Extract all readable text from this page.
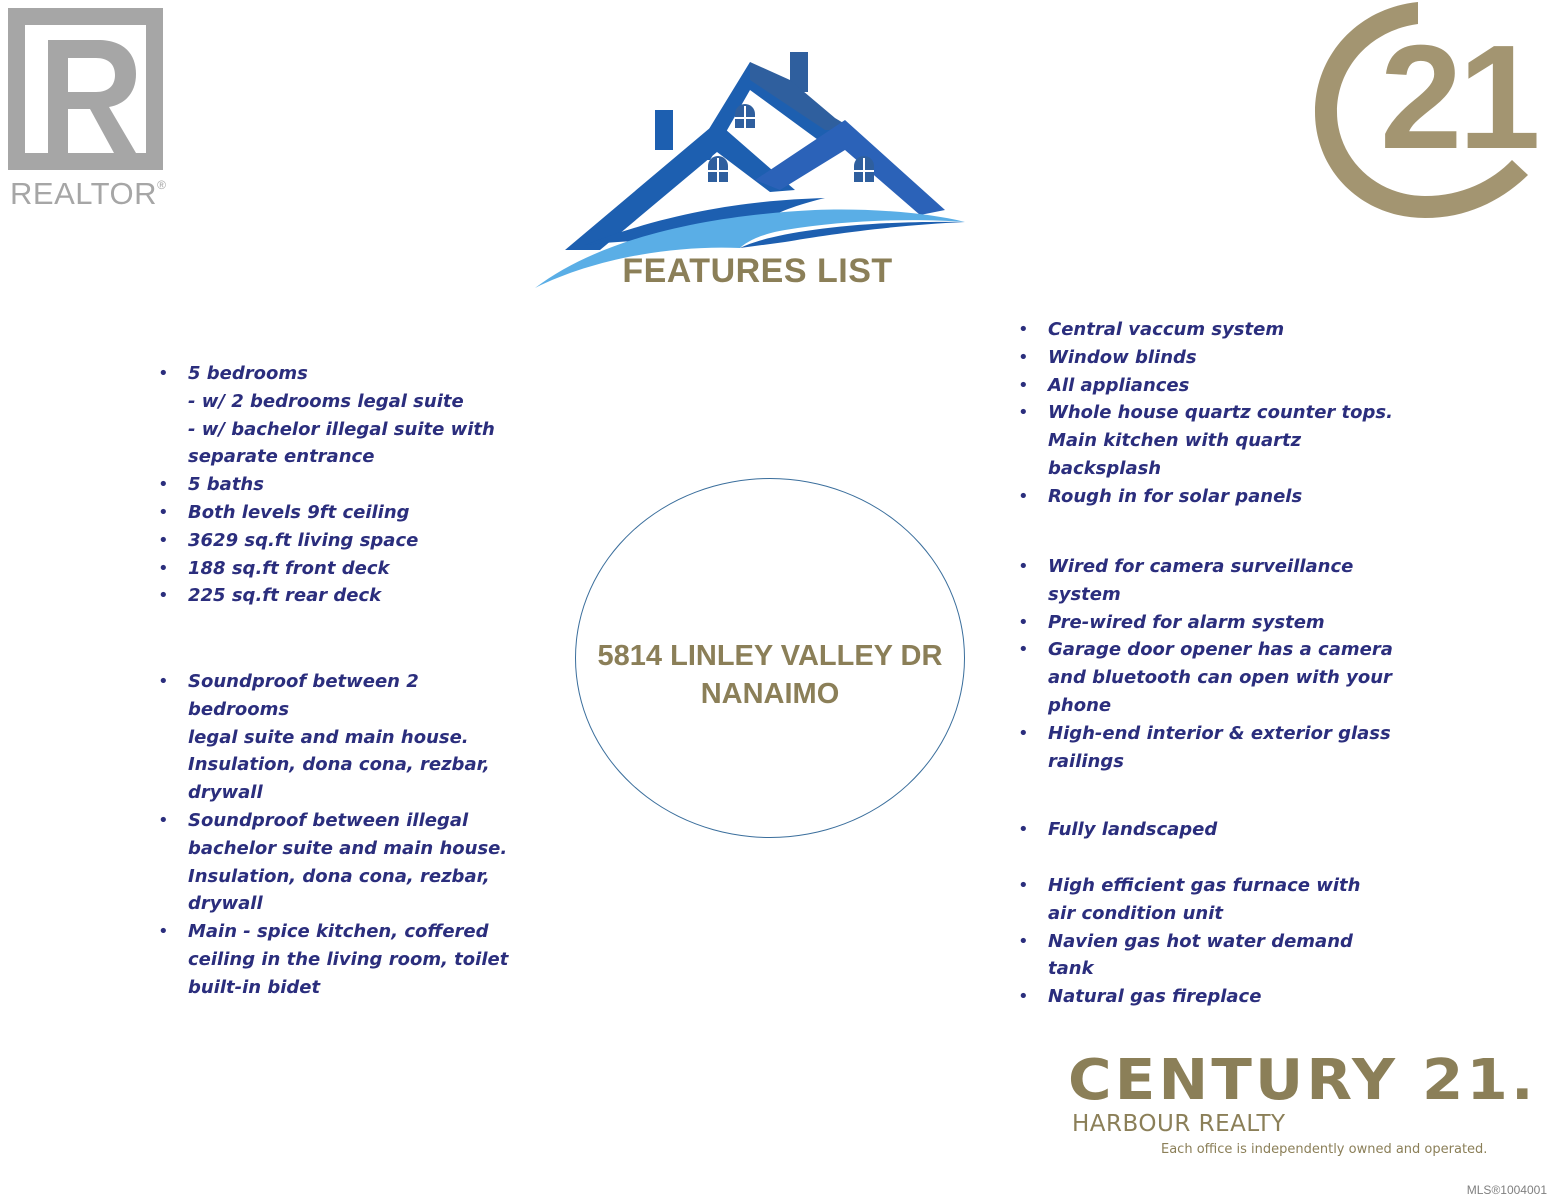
REALTOR®
21
FEATURES LIST
5814 LINLEY VALLEY DR
NANAIMO
• 5 bedrooms
- w/ 2 bedrooms legal suite
- w/ bachelor illegal suite with
separate entrance
• 5 baths
• Both levels 9ft ceiling
• 3629 sq.ft living space
• 188 sq.ft front deck
• 225 sq.ft rear deck
• Soundproof between 2 bedrooms
legal suite and main house.
Insulation, dona cona, rezbar,
drywall
• Soundproof between illegal
bachelor suite and main house.
Insulation, dona cona, rezbar,
drywall
• Main - spice kitchen, coffered
ceiling in the living room, toilet
built-in bidet
• Central vaccum system
• Window blinds
• All appliances
• Whole house quartz counter tops.
Main kitchen with quartz
backsplash
• Rough in for solar panels
• Wired for camera surveillance
system
• Pre-wired for alarm system
• Garage door opener has a camera
and bluetooth can open with your
phone
• High-end interior & exterior glass
railings
• Fully landscaped
• High efficient gas furnace with
air condition unit
• Navien gas hot water demand
tank
• Natural gas fireplace
CENTURY 21.
HARBOUR REALTY
Each office is independently owned and operated.
MLS®1004001
